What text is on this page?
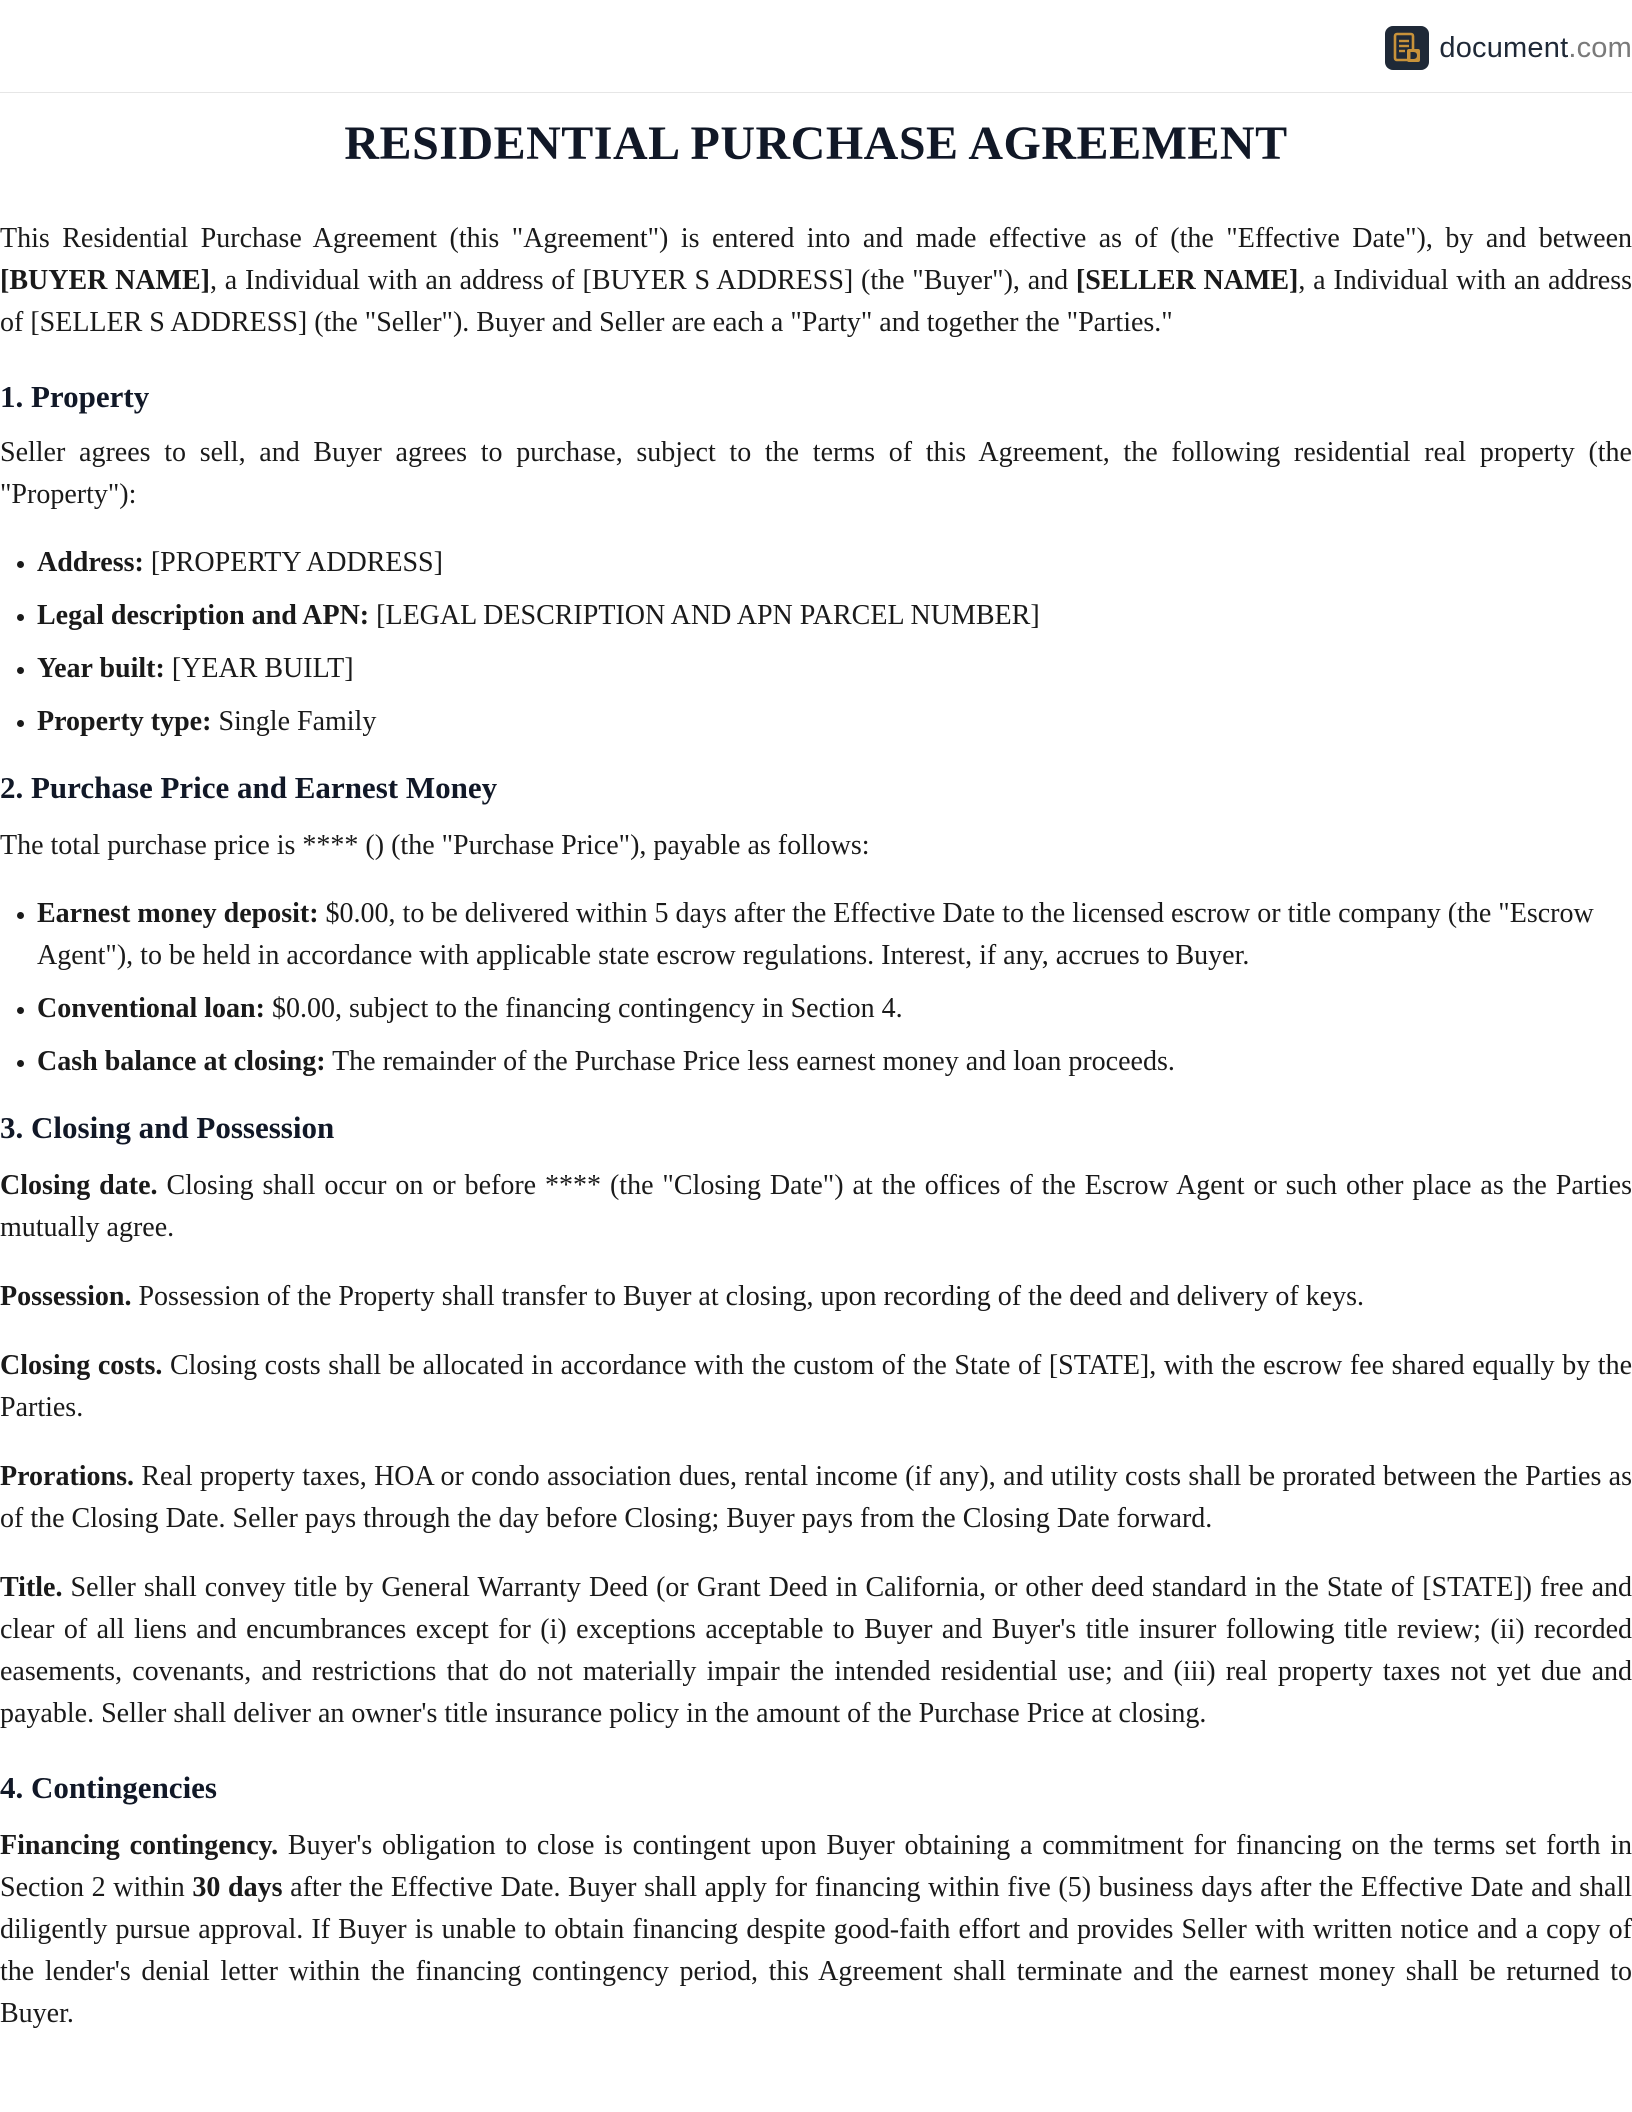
document.com
RESIDENTIAL PURCHASE AGREEMENT

This Residential Purchase Agreement (this "Agreement") is entered into and made effective as of (the "Effective Date"), by and between [BUYER NAME], a Individual with an address of [BUYER S ADDRESS] (the "Buyer"), and [SELLER NAME], a Individual with an address of [SELLER S ADDRESS] (the "Seller"). Buyer and Seller are each a "Party" and together the "Parties."

1. Property

Seller agrees to sell, and Buyer agrees to purchase, subject to the terms of this Agreement, the following residential real property (the "Property"):

• Address: [PROPERTY ADDRESS]
• Legal description and APN: [LEGAL DESCRIPTION AND APN PARCEL NUMBER]
• Year built: [YEAR BUILT]
• Property type: Single Family
2. Purchase Price and Earnest Money

The total purchase price is **** () (the "Purchase Price"), payable as follows:

• Earnest money deposit: $0.00, to be delivered within 5 days after the Effective Date to the licensed escrow or title company (the "Escrow Agent"), to be held in accordance with applicable state escrow regulations. Interest, if any, accrues to Buyer.
• Conventional loan: $0.00, subject to the financing contingency in Section 4.
• Cash balance at closing: The remainder of the Purchase Price less earnest money and loan proceeds.
3. Closing and Possession

Closing date. Closing shall occur on or before **** (the "Closing Date") at the offices of the Escrow Agent or such other place as the Parties mutually agree.

Possession. Possession of the Property shall transfer to Buyer at closing, upon recording of the deed and delivery of keys.

Closing costs. Closing costs shall be allocated in accordance with the custom of the State of [STATE], with the escrow fee shared equally by the Parties.

Prorations. Real property taxes, HOA or condo association dues, rental income (if any), and utility costs shall be prorated between the Parties as of the Closing Date. Seller pays through the day before Closing; Buyer pays from the Closing Date forward.

Title. Seller shall convey title by General Warranty Deed (or Grant Deed in California, or other deed standard in the State of [STATE]) free and clear of all liens and encumbrances except for (i) exceptions acceptable to Buyer and Buyer's title insurer following title review; (ii) recorded easements, covenants, and restrictions that do not materially impair the intended residential use; and (iii) real property taxes not yet due and payable. Seller shall deliver an owner's title insurance policy in the amount of the Purchase Price at closing.

4. Contingencies

Financing contingency. Buyer's obligation to close is contingent upon Buyer obtaining a commitment for financing on the terms set forth in Section 2 within 30 days after the Effective Date. Buyer shall apply for financing within five (5) business days after the Effective Date and shall diligently pursue approval. If Buyer is unable to obtain financing despite good-faith effort and provides Seller with written notice and a copy of the lender's denial letter within the financing contingency period, this Agreement shall terminate and the earnest money shall be returned to Buyer.
